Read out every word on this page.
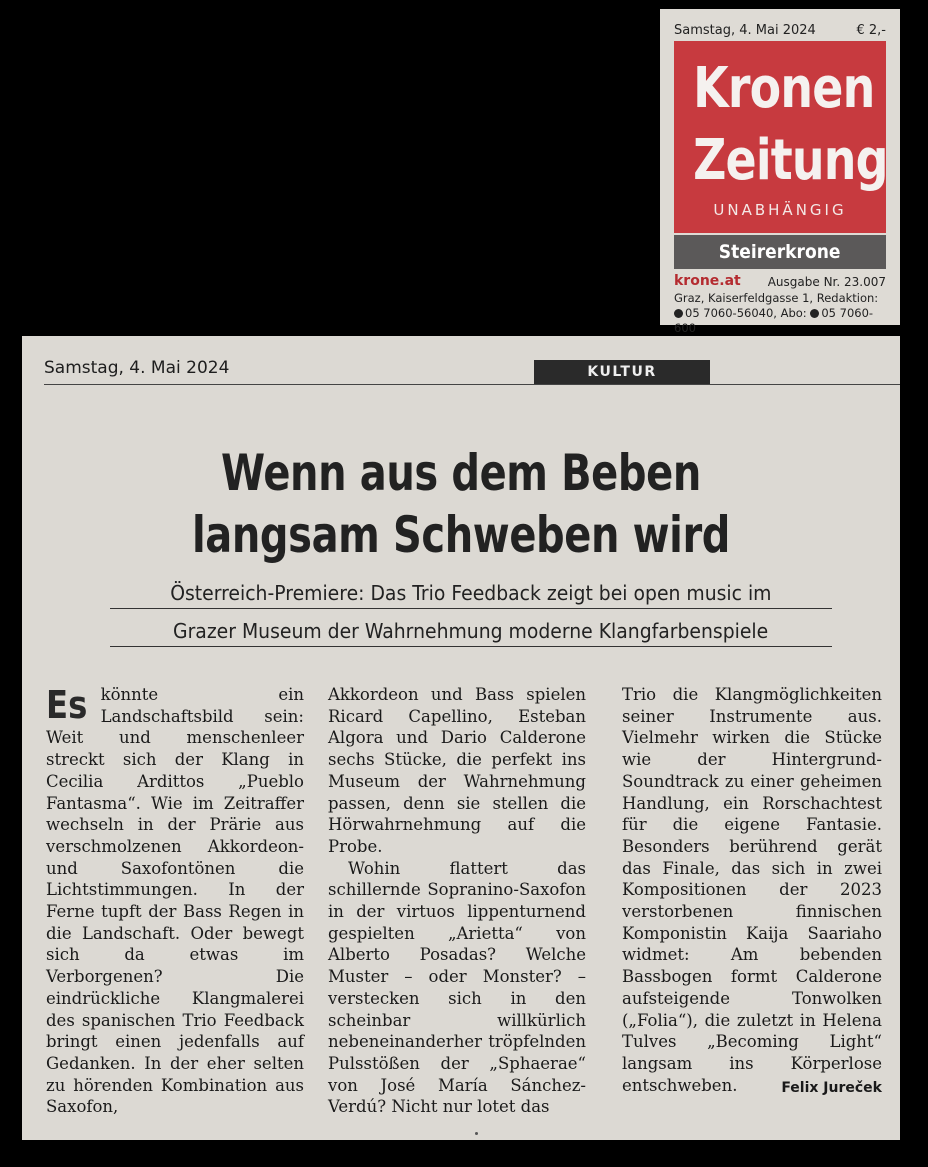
Samstag, 4. Mai 2024	€ 2,-
Kronen
Zeitung
UNABHÄNGIG
Steirerkrone
krone.at Ausgabe Nr. 23.007
Graz, Kaiserfeldgasse 1, Redaktion:
05 7060-56040, Abo: 05 7060-600
Samstag, 4. Mai 2024	KULTUR
Wenn aus dem Beben
langsam Schweben wird
Österreich-Premiere: Das Trio Feedback zeigt bei open music im
Grazer Museum der Wahrnehmung moderne Klangfarbenspiele

Es könnte ein Landschaftsbild sein: Weit und menschenleer streckt sich der Klang in Cecilia Ardittos „Pueblo Fantasma“. Wie im Zeitraffer wechseln in der Prärie aus verschmolzenen Akkordeon- und Saxofontönen die Lichtstimmungen. In der Ferne tupft der Bass Regen in die Landschaft. Oder bewegt sich da etwas im Verborgenen? Die eindrückliche Klangmalerei des spanischen Trio Feedback bringt einen jedenfalls auf Gedanken. In der eher selten zu hörenden Kombination aus Saxofon,

Akkordeon und Bass spielen Ricard Capellino, Esteban Algora und Dario Calderone sechs Stücke, die perfekt ins Museum der Wahrnehmung passen, denn sie stellen die Hörwahrnehmung auf die Probe.

Wohin flattert das schillernde Sopranino-Saxofon in der virtuos lippenturnend gespielten „Arietta“ von Alberto Posadas? Welche Muster – oder Monster? – verstecken sich in den scheinbar willkürlich nebeneinanderher tröpfelnden Pulsstößen der „Sphaerae“ von José María Sánchez-Verdú? Nicht nur lotet das

Trio die Klangmöglichkeiten seiner Instrumente aus. Vielmehr wirken die Stücke wie der Hintergrund-Soundtrack zu einer geheimen Handlung, ein Rorschachtest für die eigene Fantasie. Besonders berührend gerät das Finale, das sich in zwei Kompositionen der 2023 verstorbenen finnischen Komponistin Kaija Saariaho widmet: Am bebenden Bassbogen formt Calderone aufsteigende Tonwolken („Folia“), die zuletzt in Helena Tulves „Becoming Light“ langsam ins Körperlose entschweben.	Felix Jureček
